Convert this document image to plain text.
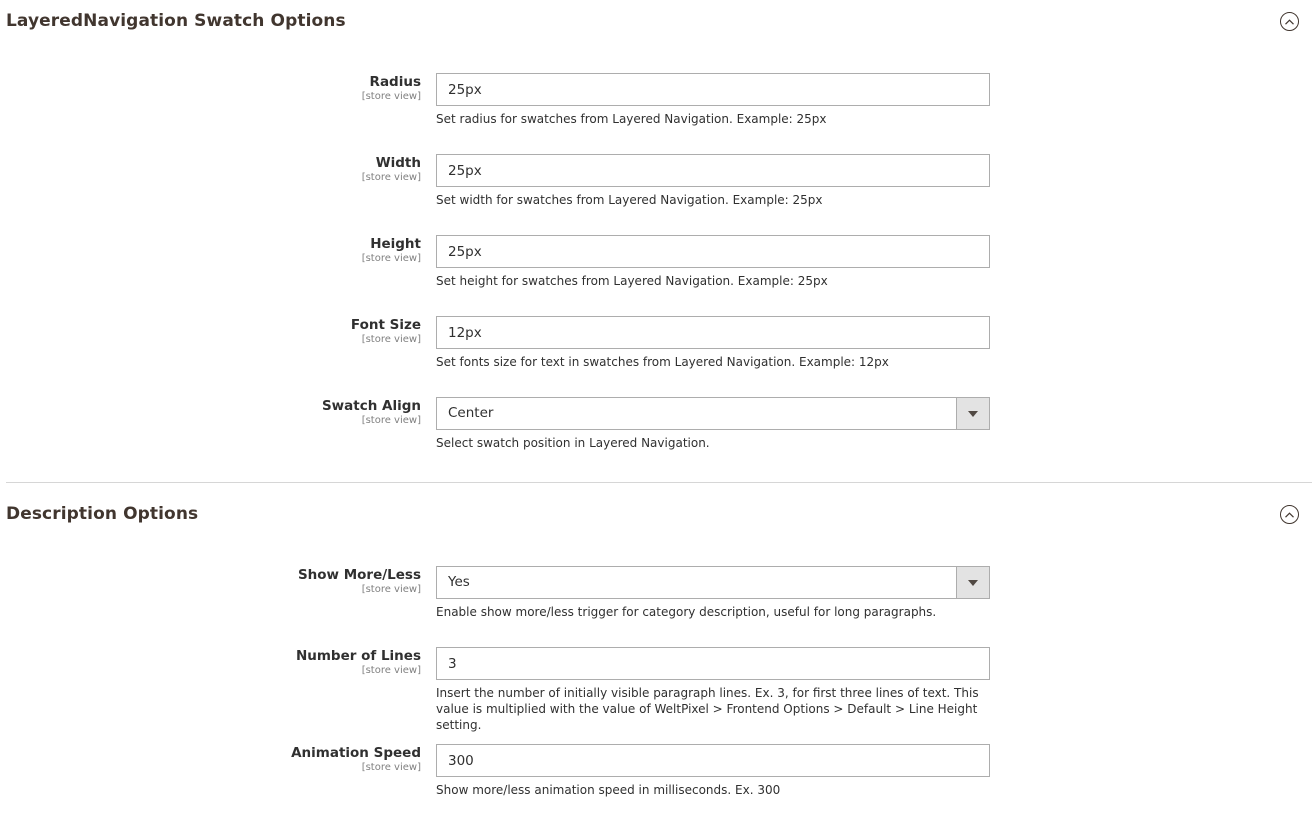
LayeredNavigation Swatch Options
Radius
[store view]
25px
Set radius for swatches from Layered Navigation. Example: 25px
Width
[store view]
25px
Set width for swatches from Layered Navigation. Example: 25px
Height
[store view]
25px
Set height for swatches from Layered Navigation. Example: 25px
Font Size
[store view]
12px
Set fonts size for text in swatches from Layered Navigation. Example: 12px
Swatch Align
[store view] Center
Select swatch position in Layered Navigation.
Description Options
Show More/Less
[store view] Yes
Enable show more/less trigger for category description, useful for long paragraphs.
Number of Lines
[store view]
3
Insert the number of initially visible paragraph lines. Ex. 3, for first three lines of text. This value is multiplied with the value of WeltPixel > Frontend Options > Default > Line Height setting.
Animation Speed
[store view]
300
Show more/less animation speed in milliseconds. Ex. 300
